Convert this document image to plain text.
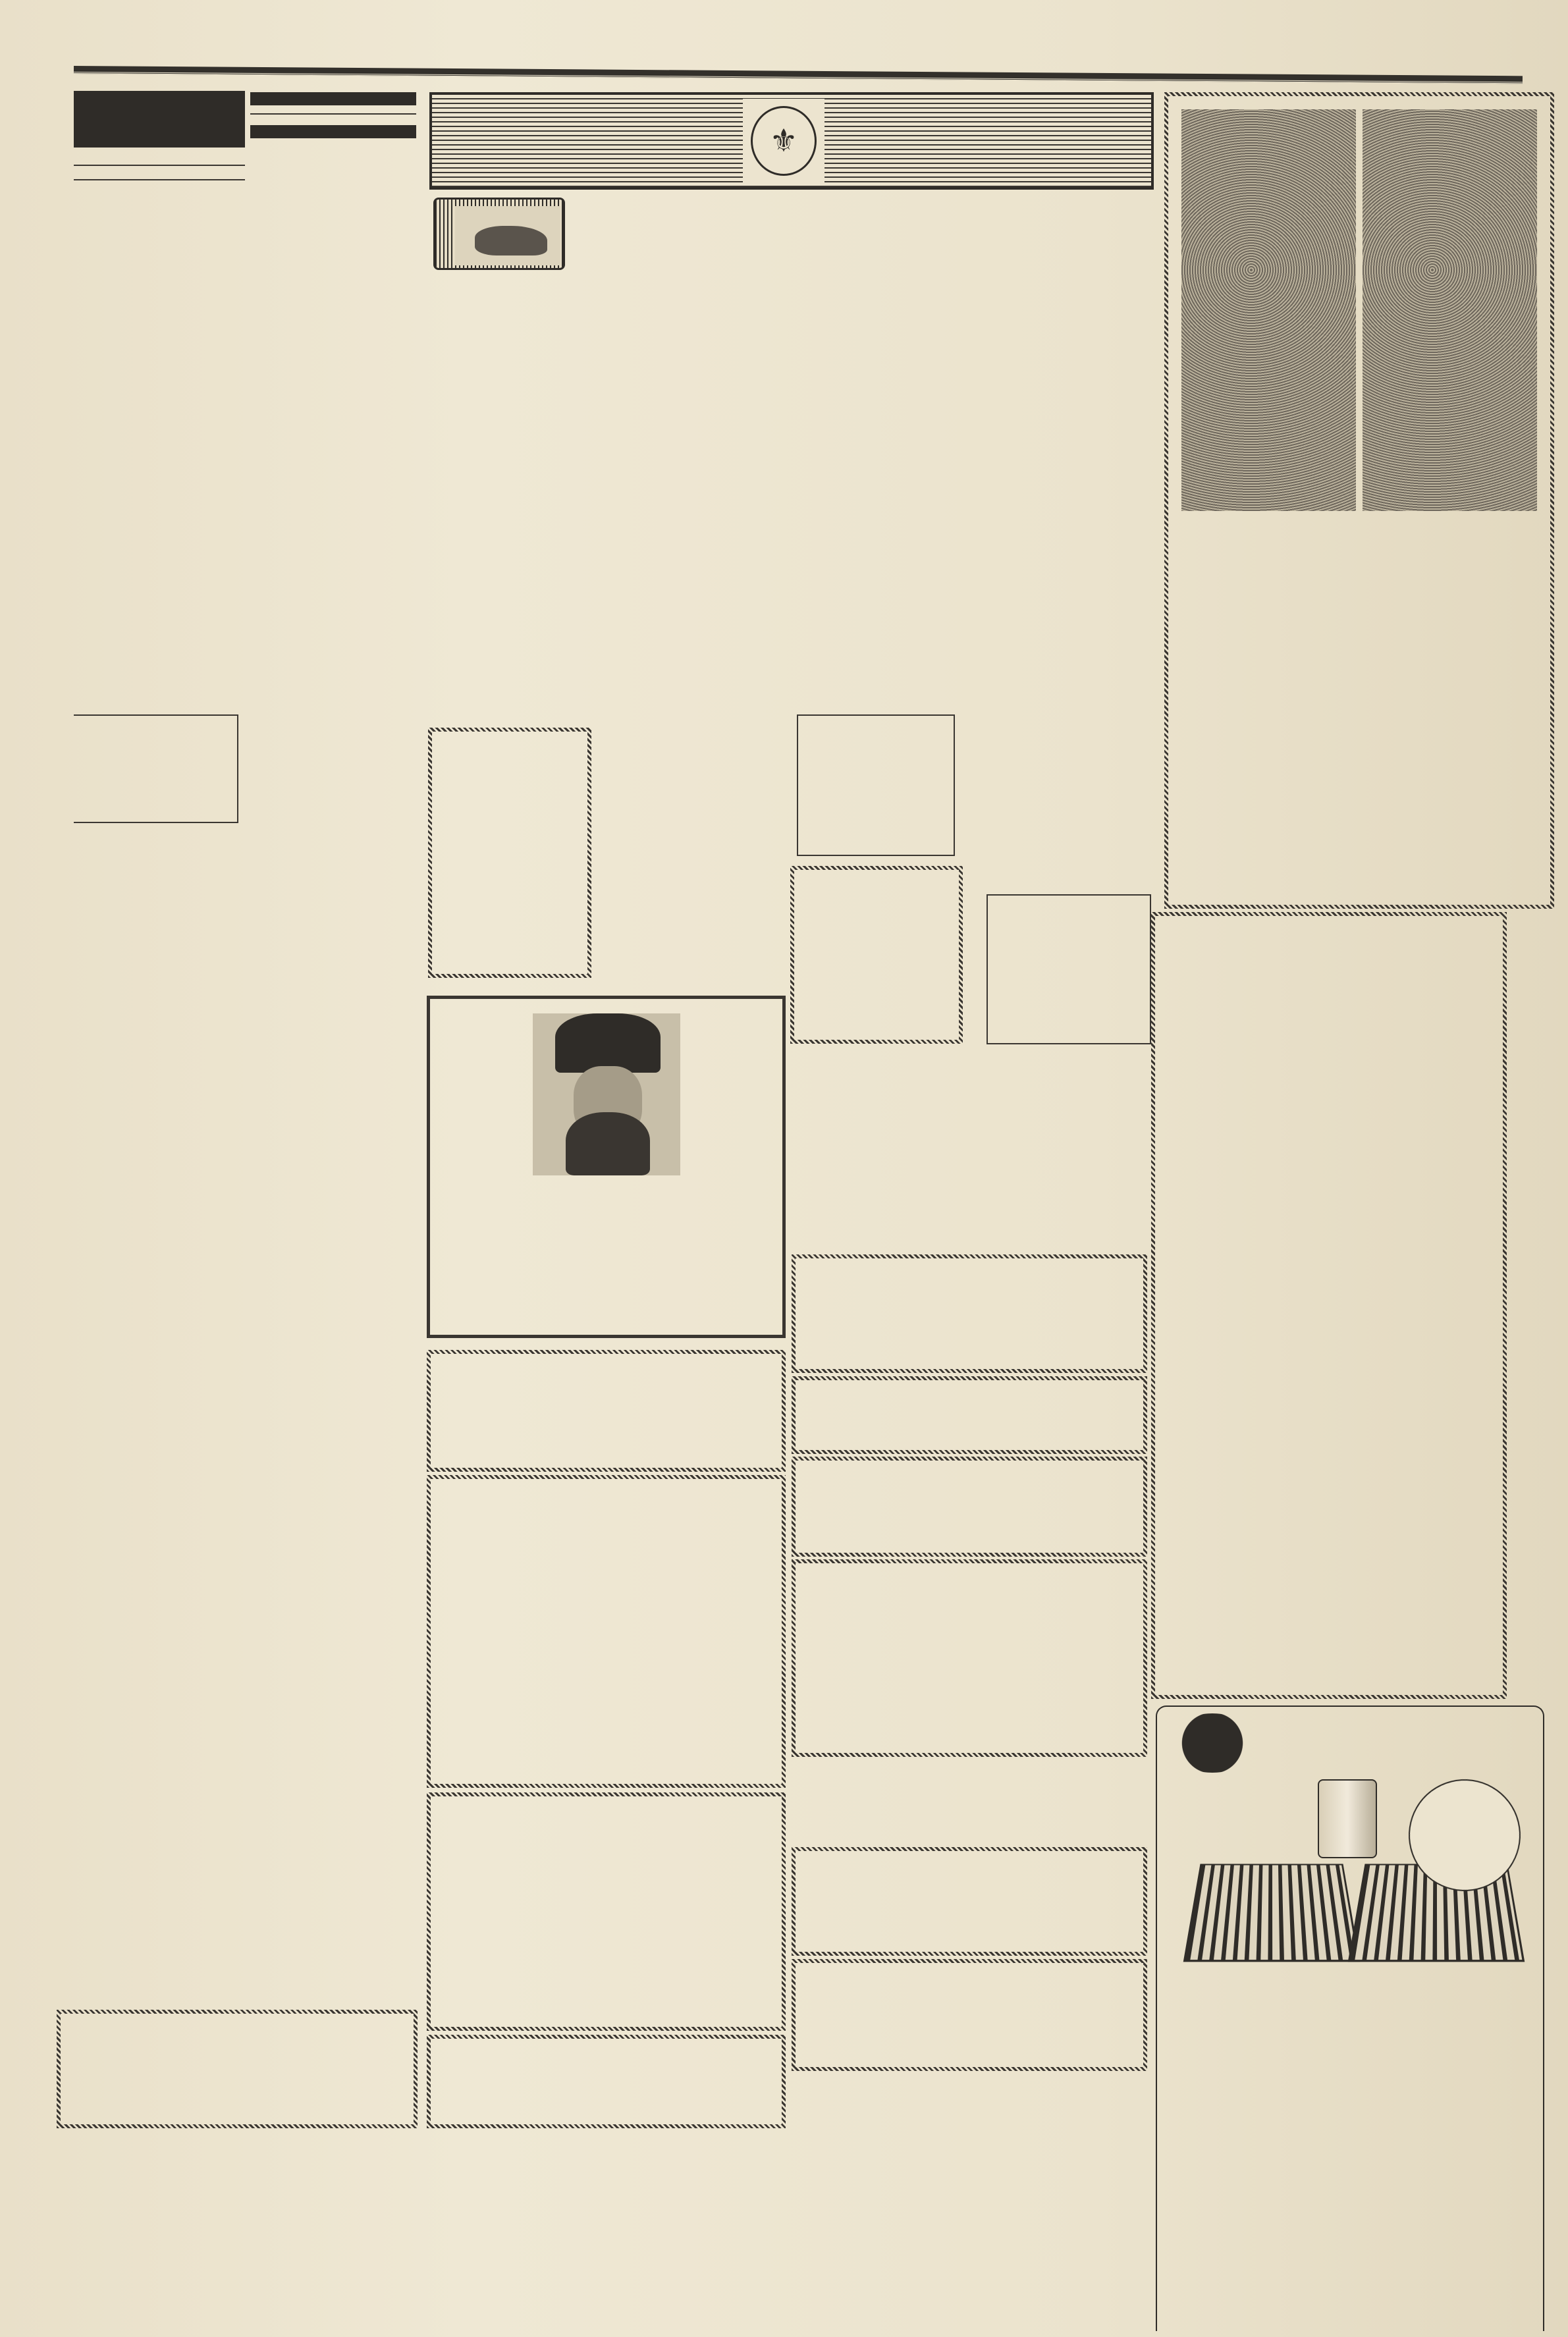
⚜
